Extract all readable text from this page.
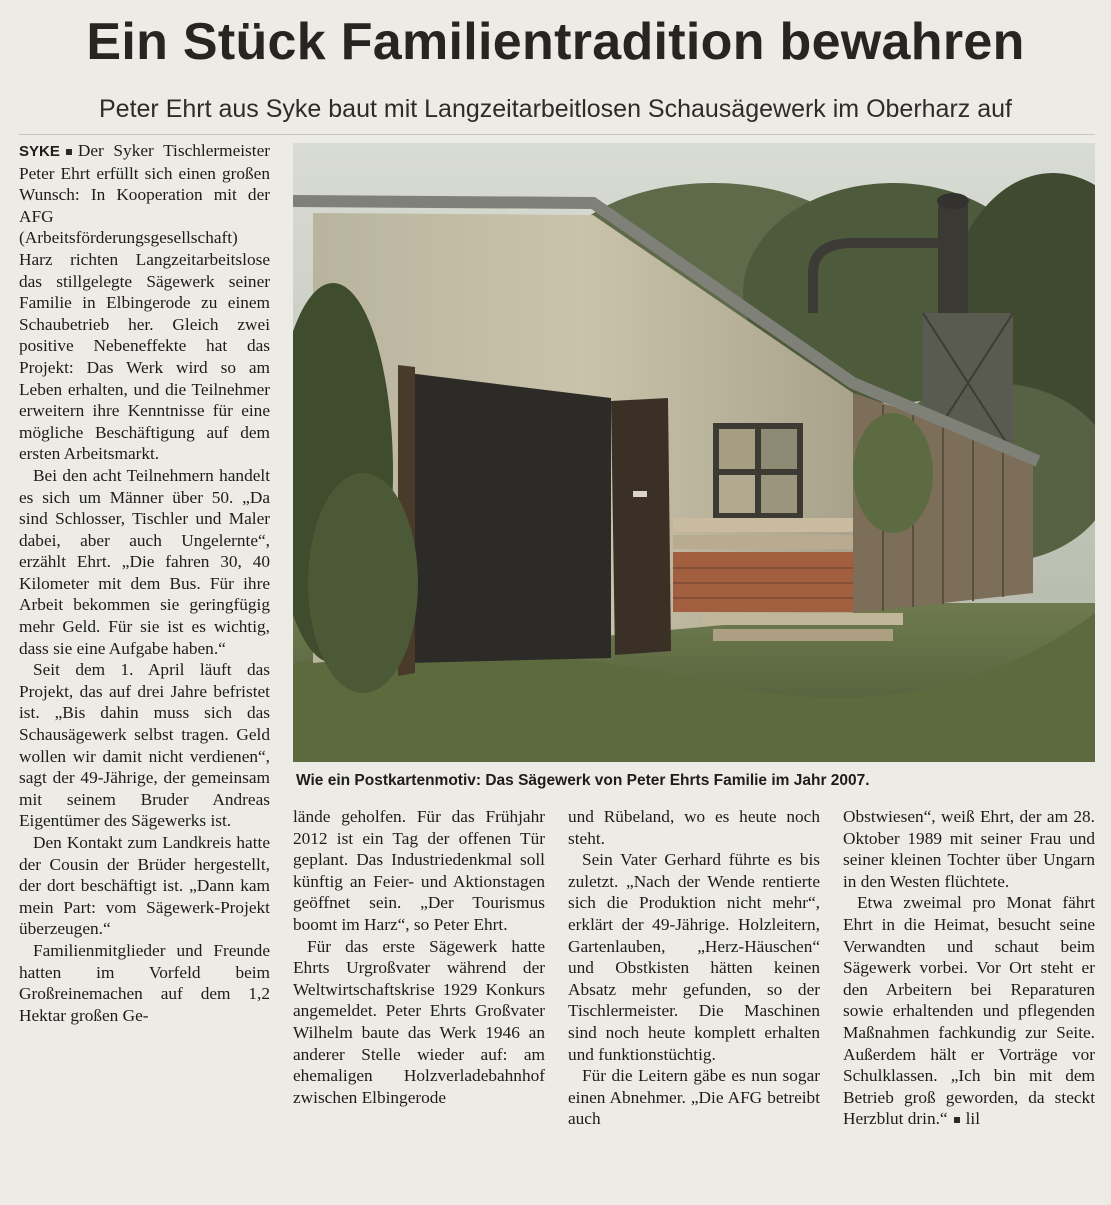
Ein Stück Familientradition bewahren
Peter Ehrt aus Syke baut mit Langzeitarbeitlosen Schausägewerk im Oberharz auf

SYKE Der Syker Tischlermeister Peter Ehrt erfüllt sich einen großen Wunsch: In Kooperation mit der AFG (Arbeitsförderungsgesellschaft) Harz richten Langzeitarbeitslose das stillgelegte Sägewerk seiner Familie in Elbingerode zu einem Schaubetrieb her. Gleich zwei positive Nebeneffekte hat das Projekt: Das Werk wird so am Leben erhalten, und die Teilnehmer erweitern ihre Kenntnisse für eine mögliche Beschäftigung auf dem ersten Arbeitsmarkt.

Bei den acht Teilnehmern handelt es sich um Männer über 50. „Da sind Schlosser, Tischler und Maler dabei, aber auch Ungelernte“, erzählt Ehrt. „Die fahren 30, 40 Kilometer mit dem Bus. Für ihre Arbeit bekommen sie geringfügig mehr Geld. Für sie ist es wichtig, dass sie eine Aufgabe haben.“

Seit dem 1. April läuft das Projekt, das auf drei Jahre befristet ist. „Bis dahin muss sich das Schausägewerk selbst tragen. Geld wollen wir damit nicht verdienen“, sagt der 49-Jährige, der gemeinsam mit seinem Bruder Andreas Eigentümer des Sägewerks ist.

Den Kontakt zum Landkreis hatte der Cousin der Brüder hergestellt, der dort beschäftigt ist. „Dann kam mein Part: vom Sägewerk-Projekt überzeugen.“

Familienmitglieder und Freunde hatten im Vorfeld beim Großreinemachen auf dem 1,2 Hektar großen Ge-

Wie ein Postkartenmotiv: Das Sägewerk von Peter Ehrts Familie im Jahr 2007.

lände geholfen. Für das Frühjahr 2012 ist ein Tag der offenen Tür geplant. Das Industriedenkmal soll künftig an Feier- und Aktionstagen geöffnet sein. „Der Tourismus boomt im Harz“, so Peter Ehrt.

Für das erste Sägewerk hatte Ehrts Urgroßvater während der Weltwirtschaftskrise 1929 Konkurs angemeldet. Peter Ehrts Großvater Wilhelm baute das Werk 1946 an anderer Stelle wieder auf: am ehemaligen Holzverladebahnhof zwischen Elbingerode

und Rübeland, wo es heute noch steht.

Sein Vater Gerhard führte es bis zuletzt. „Nach der Wende rentierte sich die Produktion nicht mehr“, erklärt der 49-Jährige. Holzleitern, Gartenlauben, „Herz-Häuschen“ und Obstkisten hätten keinen Absatz mehr gefunden, so der Tischlermeister. Die Maschinen sind noch heute komplett erhalten und funktionstüchtig.

Für die Leitern gäbe es nun sogar einen Abnehmer. „Die AFG betreibt auch

Obstwiesen“, weiß Ehrt, der am 28. Oktober 1989 mit seiner Frau und seiner kleinen Tochter über Ungarn in den Westen flüchtete.

Etwa zweimal pro Monat fährt Ehrt in die Heimat, besucht seine Verwandten und schaut beim Sägewerk vorbei. Vor Ort steht er den Arbeitern bei Reparaturen sowie erhaltenden und pflegenden Maßnahmen fachkundig zur Seite. Außerdem hält er Vorträge vor Schulklassen. „Ich bin mit dem Betrieb groß geworden, da steckt Herzblut drin.“ lil
